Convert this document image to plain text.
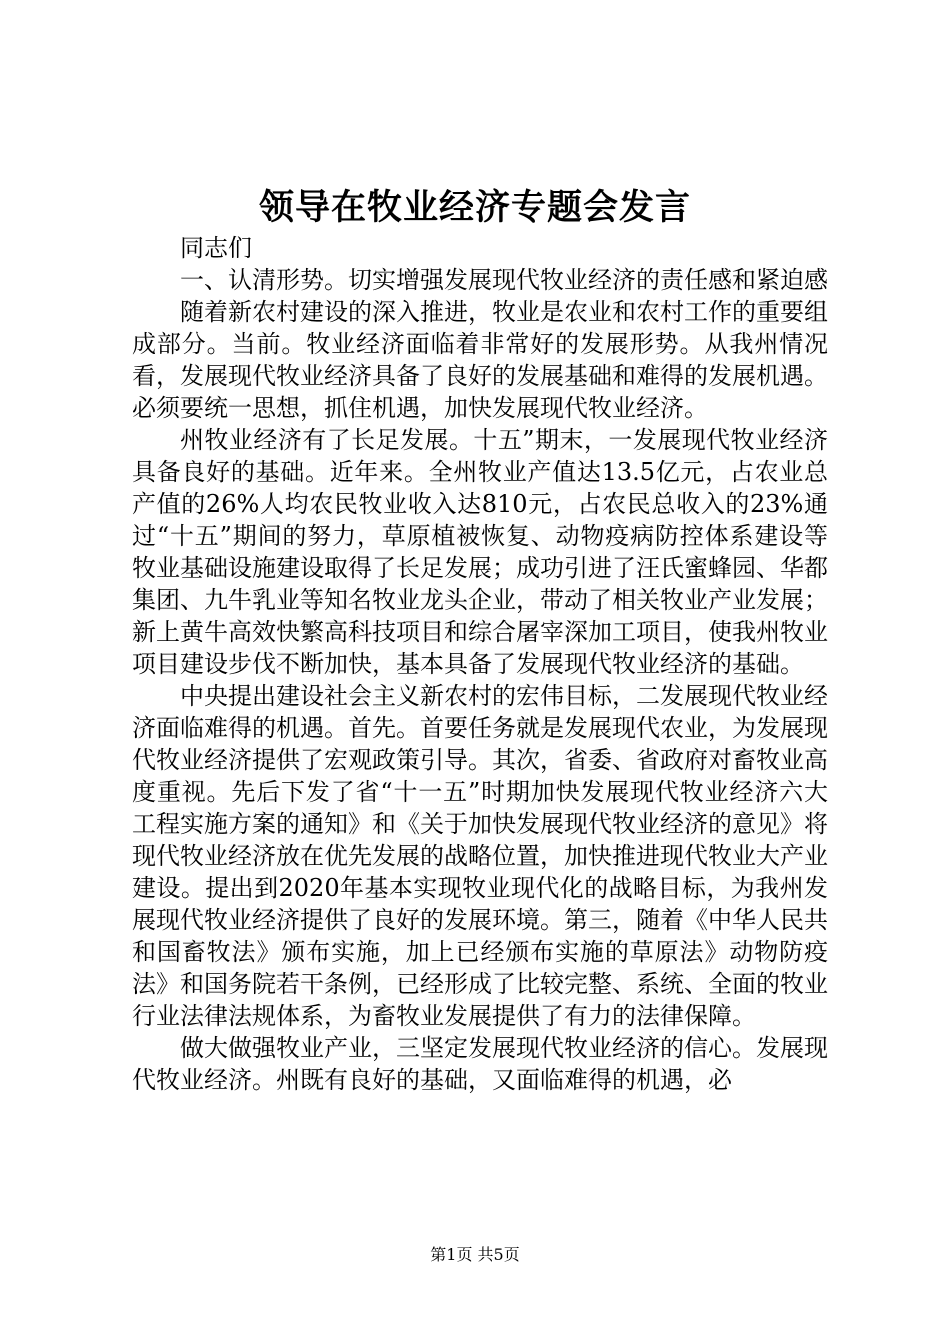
领导在牧业经济专题会发言

同志们

一、认清形势。切实增强发展现代牧业经济的责任感和紧迫感

随着新农村建设的深入推进，牧业是农业和农村工作的重要组成部分。当前。牧业经济面临着非常好的发展形势。从我州情况看，发展现代牧业经济具备了良好的发展基础和难得的发展机遇。必须要统一思想，抓住机遇，加快发展现代牧业经济。

州牧业经济有了长足发展。十五”期末，一发展现代牧业经济具备良好的基础。近年来。全州牧业产值达13.5亿元，占农业总产值的26%人均农民牧业收入达810元，占农民总收入的23%通过“十五”期间的努力，草原植被恢复、动物疫病防控体系建设等牧业基础设施建设取得了长足发展；成功引进了汪氏蜜蜂园、华都集团、九牛乳业等知名牧业龙头企业，带动了相关牧业产业发展；新上黄牛高效快繁高科技项目和综合屠宰深加工项目，使我州牧业项目建设步伐不断加快，基本具备了发展现代牧业经济的基础。

中央提出建设社会主义新农村的宏伟目标，二发展现代牧业经济面临难得的机遇。首先。首要任务就是发展现代农业，为发展现代牧业经济提供了宏观政策引导。其次，省委、省政府对畜牧业高度重视。先后下发了省“十一五”时期加快发展现代牧业经济六大工程实施方案的通知》和《关于加快发展现代牧业经济的意见》将现代牧业经济放在优先发展的战略位置，加快推进现代牧业大产业建设。提出到2020年基本实现牧业现代化的战略目标，为我州发展现代牧业经济提供了良好的发展环境。第三，随着《中华人民共和国畜牧法》颁布实施，加上已经颁布实施的草原法》动物防疫法》和国务院若干条例，已经形成了比较完整、系统、全面的牧业行业法律法规体系，为畜牧业发展提供了有力的法律保障。

做大做强牧业产业，三坚定发展现代牧业经济的信心。发展现代牧业经济。州既有良好的基础，又面临难得的机遇，必

第1页 共5页
